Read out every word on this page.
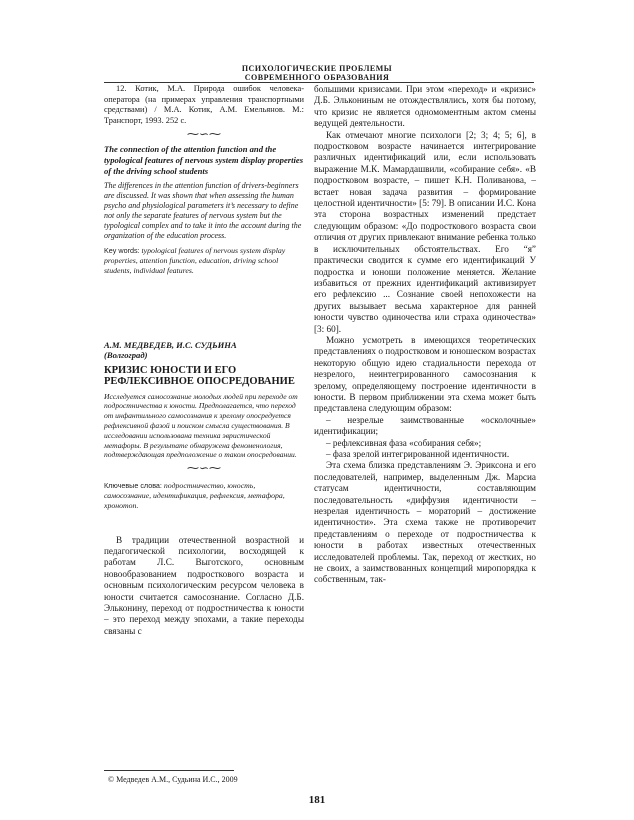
ПСИХОЛОГИЧЕСКИЕ ПРОБЛЕМЫ
СОВРЕМЕННОГО ОБРАЗОВАНИЯ

12. Котик, М.А. Природа ошибок человека-оператора (на примерах управления транспортными средствами) / М.А. Котик, А.М. Емельянов. М.: Транспорт, 1993. 252 с.

⁓∽⁓

The connection of the attention function and the typological features of nervous system display properties of the driving school students

The differences in the attention function of drivers-beginners are discussed. It was shown that when assessing the human psycho and physiological parameters it’s necessary to define not only the separate features of nervous system but the typological complex and to take it into the account during the organization of the education process.

Key words: typological features of nervous system display properties, attention function, education, driving school students, individual features.

А.М. МЕДВЕДЕВ, И.С. СУДЬИНА

(Волгоград)

КРИЗИС ЮНОСТИ И ЕГО РЕФЛЕКСИВНОЕ ОПОСРЕДОВАНИЕ

Исследуется самосознание молодых людей при переходе от подростничества к юности. Предполагается, что переход от инфантильного самосознания к зрелому опосредуется рефлексивной фазой и поиском смысла существования. В исследовании использована техника эвристической метафоры. В результате обнаружена феноменология, подтверждающая предположение о таком опосредовании.

⁓∽⁓

Ключевые слова: подростничество, юность, самосознание, идентификация, рефлексия, метафора, хронотоп.

В традиции отечественной возрастной и педагогической психологии, восходящей к работам Л.С. Выготского, основным новообразованием подросткового возраста и основным психологическим ресурсом человека в юности считается самосознание. Согласно Д.Б. Эльконину, переход от подростничества к юности – это переход между эпохами, а такие переходы связаны с

большими кризисами. При этом «переход» и «кризис» Д.Б. Элькониным не отождествлялись, хотя бы потому, что кризис не является одномоментным актом смены ведущей деятельности.

Как отмечают многие психологи [2; 3; 4; 5; 6], в подростковом возрасте начинается интегрирование различных идентификаций или, если использовать выражение М.К. Мамардашвили, «собирание себя». «В подростковом возрасте, – пишет К.Н. Поливанова, – встает новая задача развития – формирование целостной идентичности» [5: 79]. В описании И.С. Кона эта сторона возрастных изменений предстает следующим образом: «До подросткового возраста свои отличия от других привлекают внимание ребенка только в исключительных обстоятельствах. Его “я” практически сводится к сумме его идентификаций У подростка и юноши положение меняется. Желание избавиться от прежних идентификаций активизирует его рефлексию ... Сознание своей непохожести на других вызывает весьма характерное для ранней юности чувство одиночества или страха одиночества» [3: 60].

Можно усмотреть в имеющихся теоретических представлениях о подростковом и юношеском возрастах некоторую общую идею стадиальности перехода от незрелого, неинтегрированного самосознания к зрелому, определяющему построение идентичности в юности. В первом приближении эта схема может быть представлена следующим образом:

– незрелые заимствованные «осколочные» идентификации;

– рефлексивная фаза «собирания себя»;

– фаза зрелой интегрированной идентичности.

Эта схема близка представлениям Э. Эриксона и его последователей, например, выделенным Дж. Марсиа статусам идентичности, составляющим последовательность «диффузия идентичности – незрелая идентичность – мораторий – достижение идентичности». Эта схема также не противоречит представлениям о переходе от подростничества к юности в работах известных отечественных исследователей проблемы. Так, переход от жестких, но не своих, а заимствованных концепций миропорядка к собственным, так-

© Медведев А.М., Судьина И.С., 2009
181
